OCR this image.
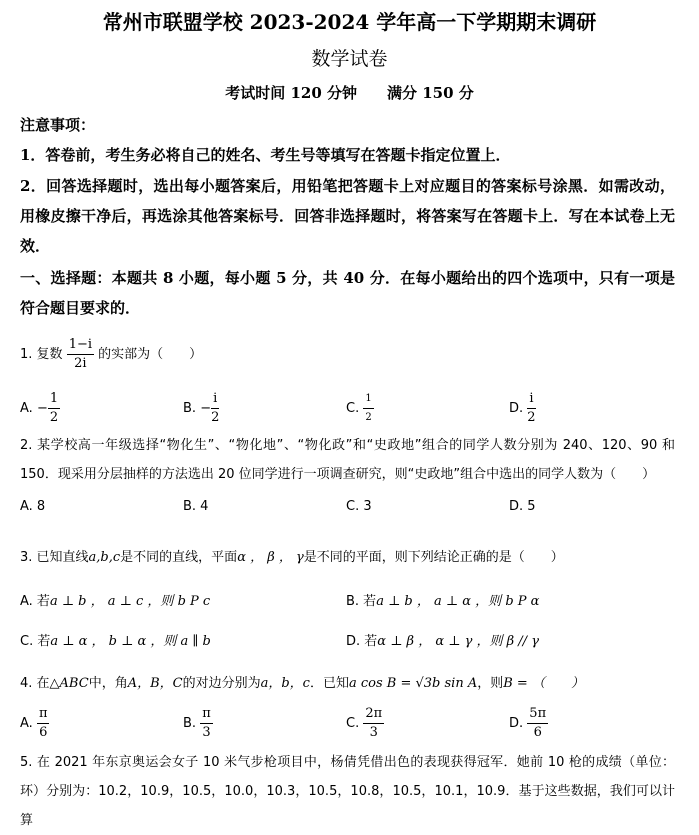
常州市联盟学校 2023-2024 学年高一下学期期末调研
数学试卷
考试时间 120 分钟　　满分 150 分
注意事项：
1．答卷前，考生务必将自己的姓名、考生号等填写在答题卡指定位置上．
2．回答选择题时，选出每小题答案后，用铅笔把答题卡上对应题目的答案标号涂黑．如需改动，用橡皮擦干净后，再选涂其他答案标号．回答非选择题时，将答案写在答题卡上．写在本试卷上无效．
一、选择题：本题共 8 小题，每小题 5 分，共 40 分．在每小题给出的四个选项中，只有一项是符合题目要求的．
1. 复数 $\frac{1-i}{2i}$ 的实部为（　　）
A. − $\frac{1}{2}$	B. − $\frac{i}{2}$	C. $\frac{1}{2}$	D. $\frac{i}{2}$
2. 某学校高一年级选择“物化生”、“物化地”、“物化政”和“史政地”组合的同学人数分别为 240、120、90 和 150．现采用分层抽样的方法选出 20 位同学进行一项调查研究，则“史政地”组合中选出的同学人数为（　　）
A. 8	B. 4	C. 3	D. 5
3. 已知直线a,b,c是不同的直线，平面α ， β ， γ是不同的平面，则下列结论正确的是（　　）
A. 若a ⊥ b ， a ⊥ c ，则 b P c	B. 若a ⊥ b ， a ⊥ α ，则 b P α
C. 若a ⊥ α ， b ⊥ α ，则 a ∥ b	D. 若α ⊥ β ， α ⊥ γ ，则 β // γ
4. 在△ABC中，角A，B，C的对边分别为a，b，c．已知a cos B = √3b sin A，则B = （　　）
A. $\frac{\pi}{6}$	B. $\frac{\pi}{3}$	C. $\frac{2\pi}{3}$	D. $\frac{5\pi}{6}$
5. 在 2021 年东京奥运会女子 10 米气步枪项目中，杨倩凭借出色的表现获得冠军．她前 10 枪的成绩（单位：环）分别为：10.2，10.9，10.5，10.0，10.3，10.5，10.8，10.5，10.1，10.9．基于这些数据，我们可以计算
